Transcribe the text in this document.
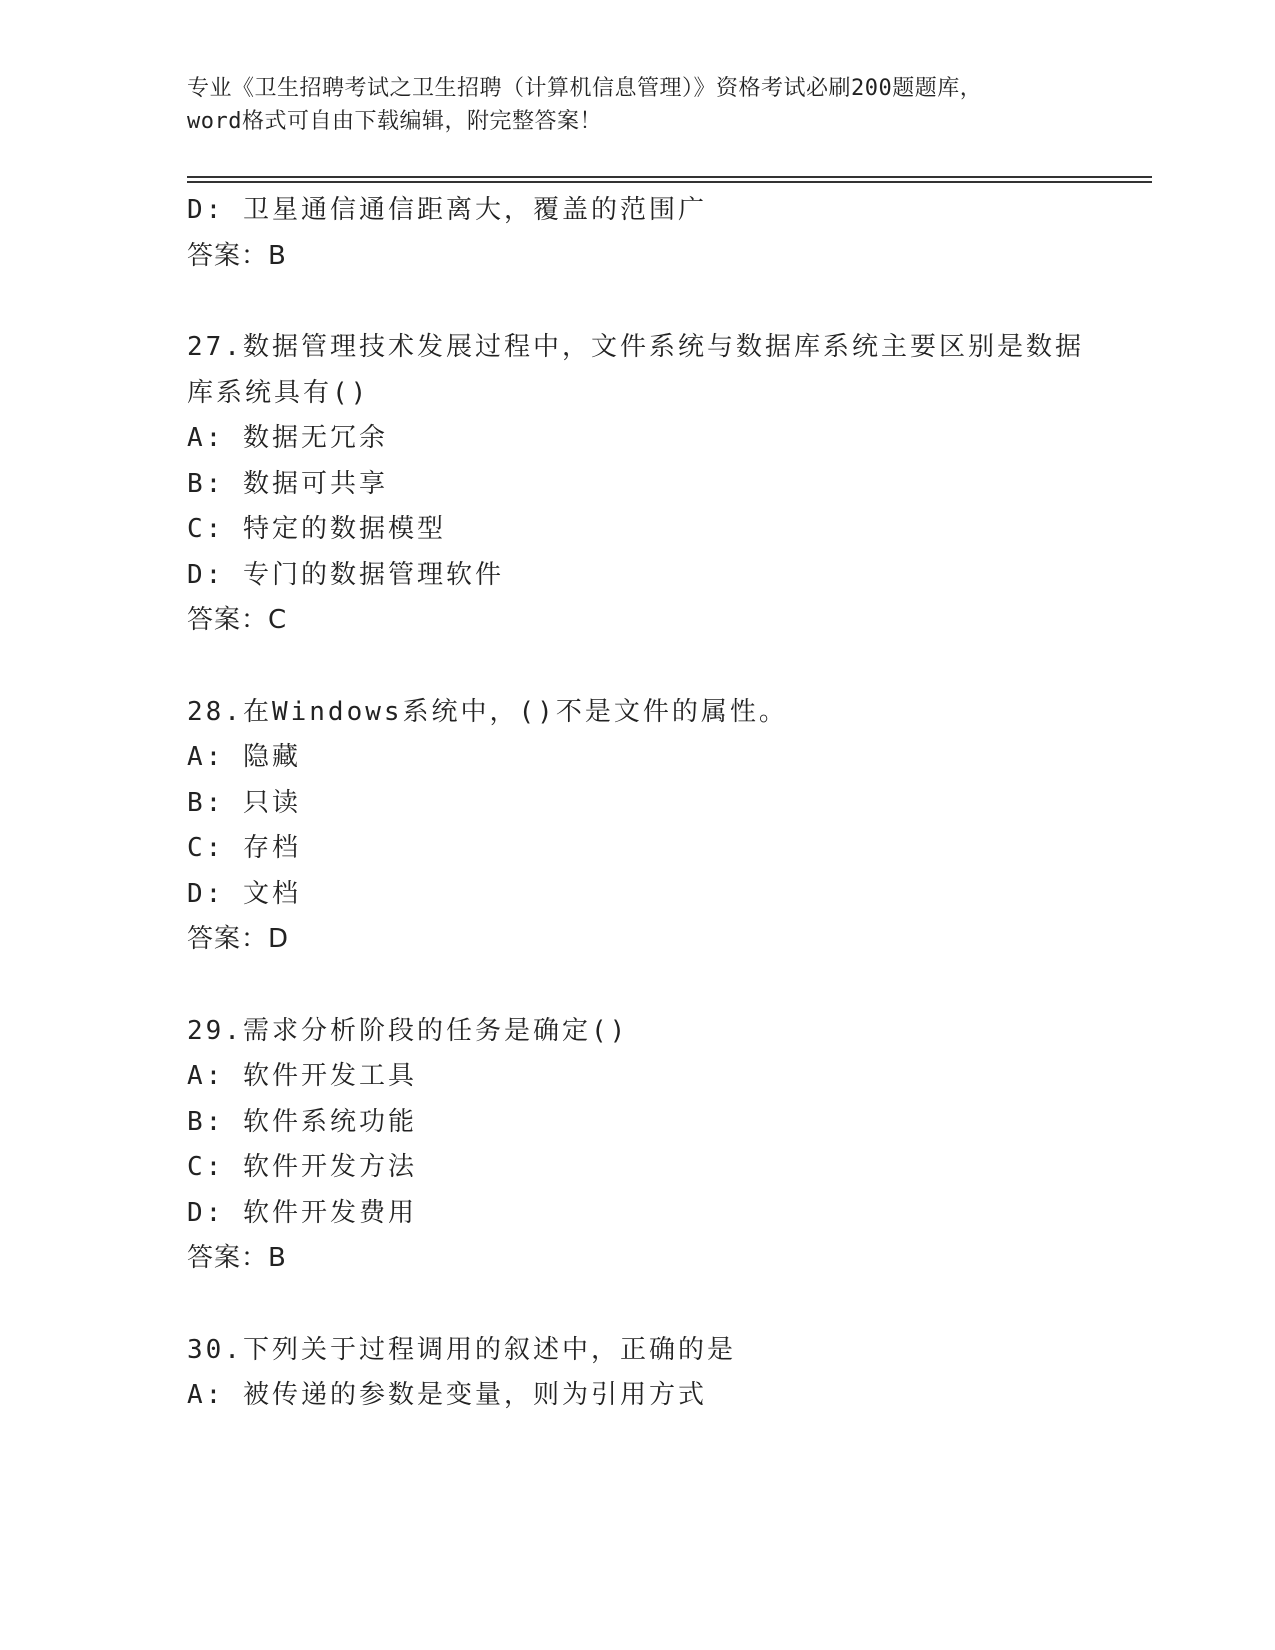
专业《卫生招聘考试之卫生招聘（计算机信息管理）》资格考试必刷200题题库，
word格式可自由下载编辑，附完整答案！
D: 卫星通信通信距离大，覆盖的范围广
答案：B
27.数据管理技术发展过程中，文件系统与数据库系统主要区别是数据
库系统具有()
A: 数据无冗余
B: 数据可共享
C: 特定的数据模型
D: 专门的数据管理软件
答案：C
28.在Windows系统中，()不是文件的属性。
A: 隐藏
B: 只读
C: 存档
D: 文档
答案：D
29.需求分析阶段的任务是确定()
A: 软件开发工具
B: 软件系统功能
C: 软件开发方法
D: 软件开发费用
答案：B
30.下列关于过程调用的叙述中，正确的是
A: 被传递的参数是变量，则为引用方式
